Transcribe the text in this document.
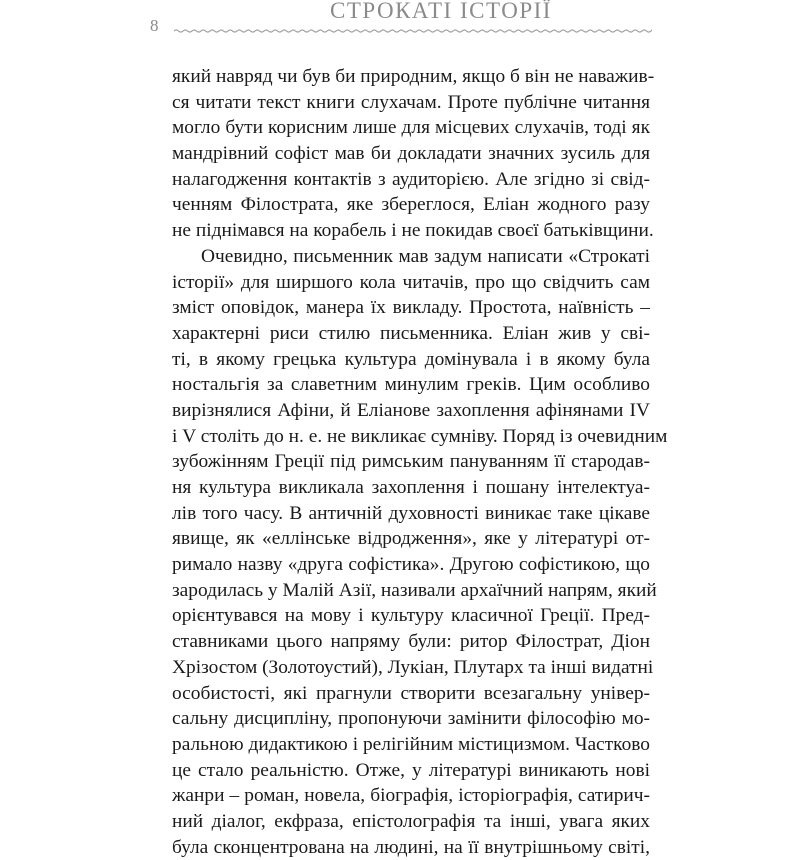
8
СТРОКАТІ ІСТОРІЇ
який навряд чи був би природним, якщо б він не наважив-
ся читати текст книги слухачам. Проте публічне читання
могло бути корисним лише для місцевих слухачів, тоді як
мандрівний софіст мав би докладати значних зусиль для
налагодження контактів з аудиторією. Але згідно зі свід-
ченням Філострата, яке збереглося, Еліан жодного разу
не піднімався на корабель і не покидав своєї батьківщини.
Очевидно, письменник мав задум написати «Строкаті
історії» для ширшого кола читачів, про що свідчить сам
зміст оповідок, манера їх викладу. Простота, наївність –
характерні риси стилю письменника. Еліан жив у сві-
ті, в якому грецька культура домінувала і в якому була
ностальгія за славетним минулим греків. Цим особливо
вирізнялися Афіни, й Еліанове захоплення афінянами IV
і V століть до н. е. не викликає сумніву. Поряд із очевидним
зубожінням Греції під римським пануванням її стародав-
ня культура викликала захоплення і пошану інтелектуа-
лів того часу. В античній духовності виникає таке цікаве
явище, як «еллінське відродження», яке у літературі от-
римало назву «друга софістика». Другою софістикою, що
зародилась у Малій Азії, називали архаїчний напрям, який
орієнтувався на мову і культуру класичної Греції. Пред-
ставниками цього напряму були: ритор Філострат, Діон
Хрізостом (Золотоустий), Лукіан, Плутарх та інші видатні
особистості, які прагнули створити всезагальну універ-
сальну дисципліну, пропонуючи замінити філософію мо-
ральною дидактикою і релігійним містицизмом. Частково
це стало реальністю. Отже, у літературі виникають нові
жанри – роман, новела, біографія, історіографія, сатирич-
ний діалог, екфраза, епістолографія та інші, увага яких
була сконцентрована на людині, на її внутрішньому світі,
